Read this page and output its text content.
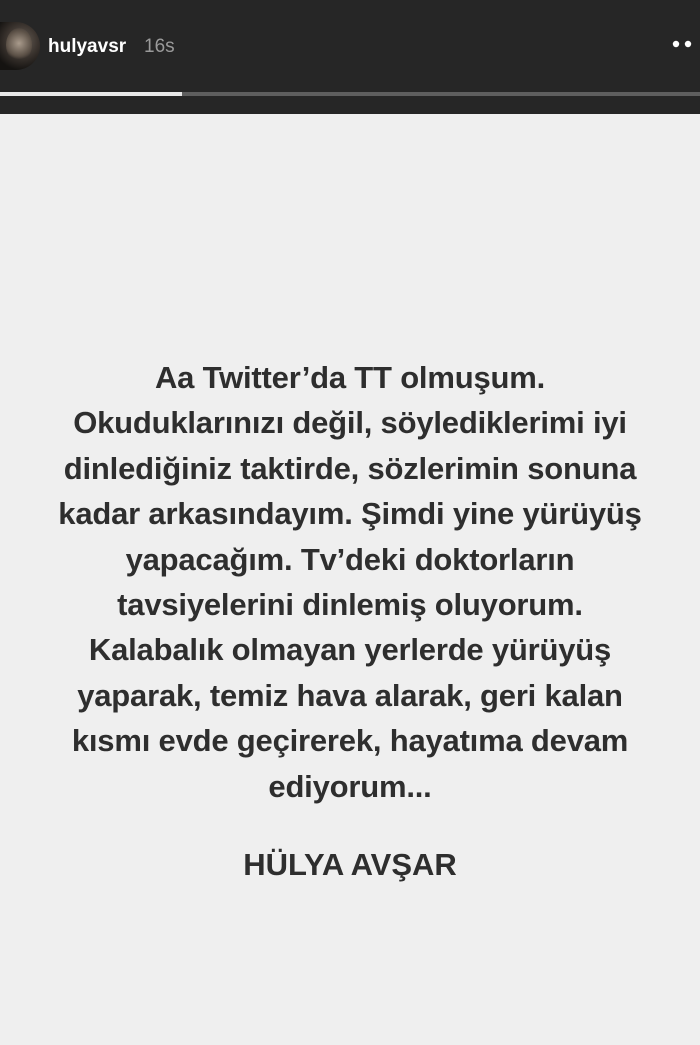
hulyavsr 16s
Aa Twitter’da TT olmuşum.
Okuduklarınızı değil, söylediklerimi iyi
dinlediğiniz taktirde, sözlerimin sonuna
kadar arkasındayım. Şimdi yine yürüyüş
yapacağım. Tv’deki doktorların
tavsiyelerini dinlemiş oluyorum.
Kalabalık olmayan yerlerde yürüyüş
yaparak, temiz hava alarak, geri kalan
kısmı evde geçirerek, hayatıma devam
ediyorum...
HÜLYA AVŞAR
